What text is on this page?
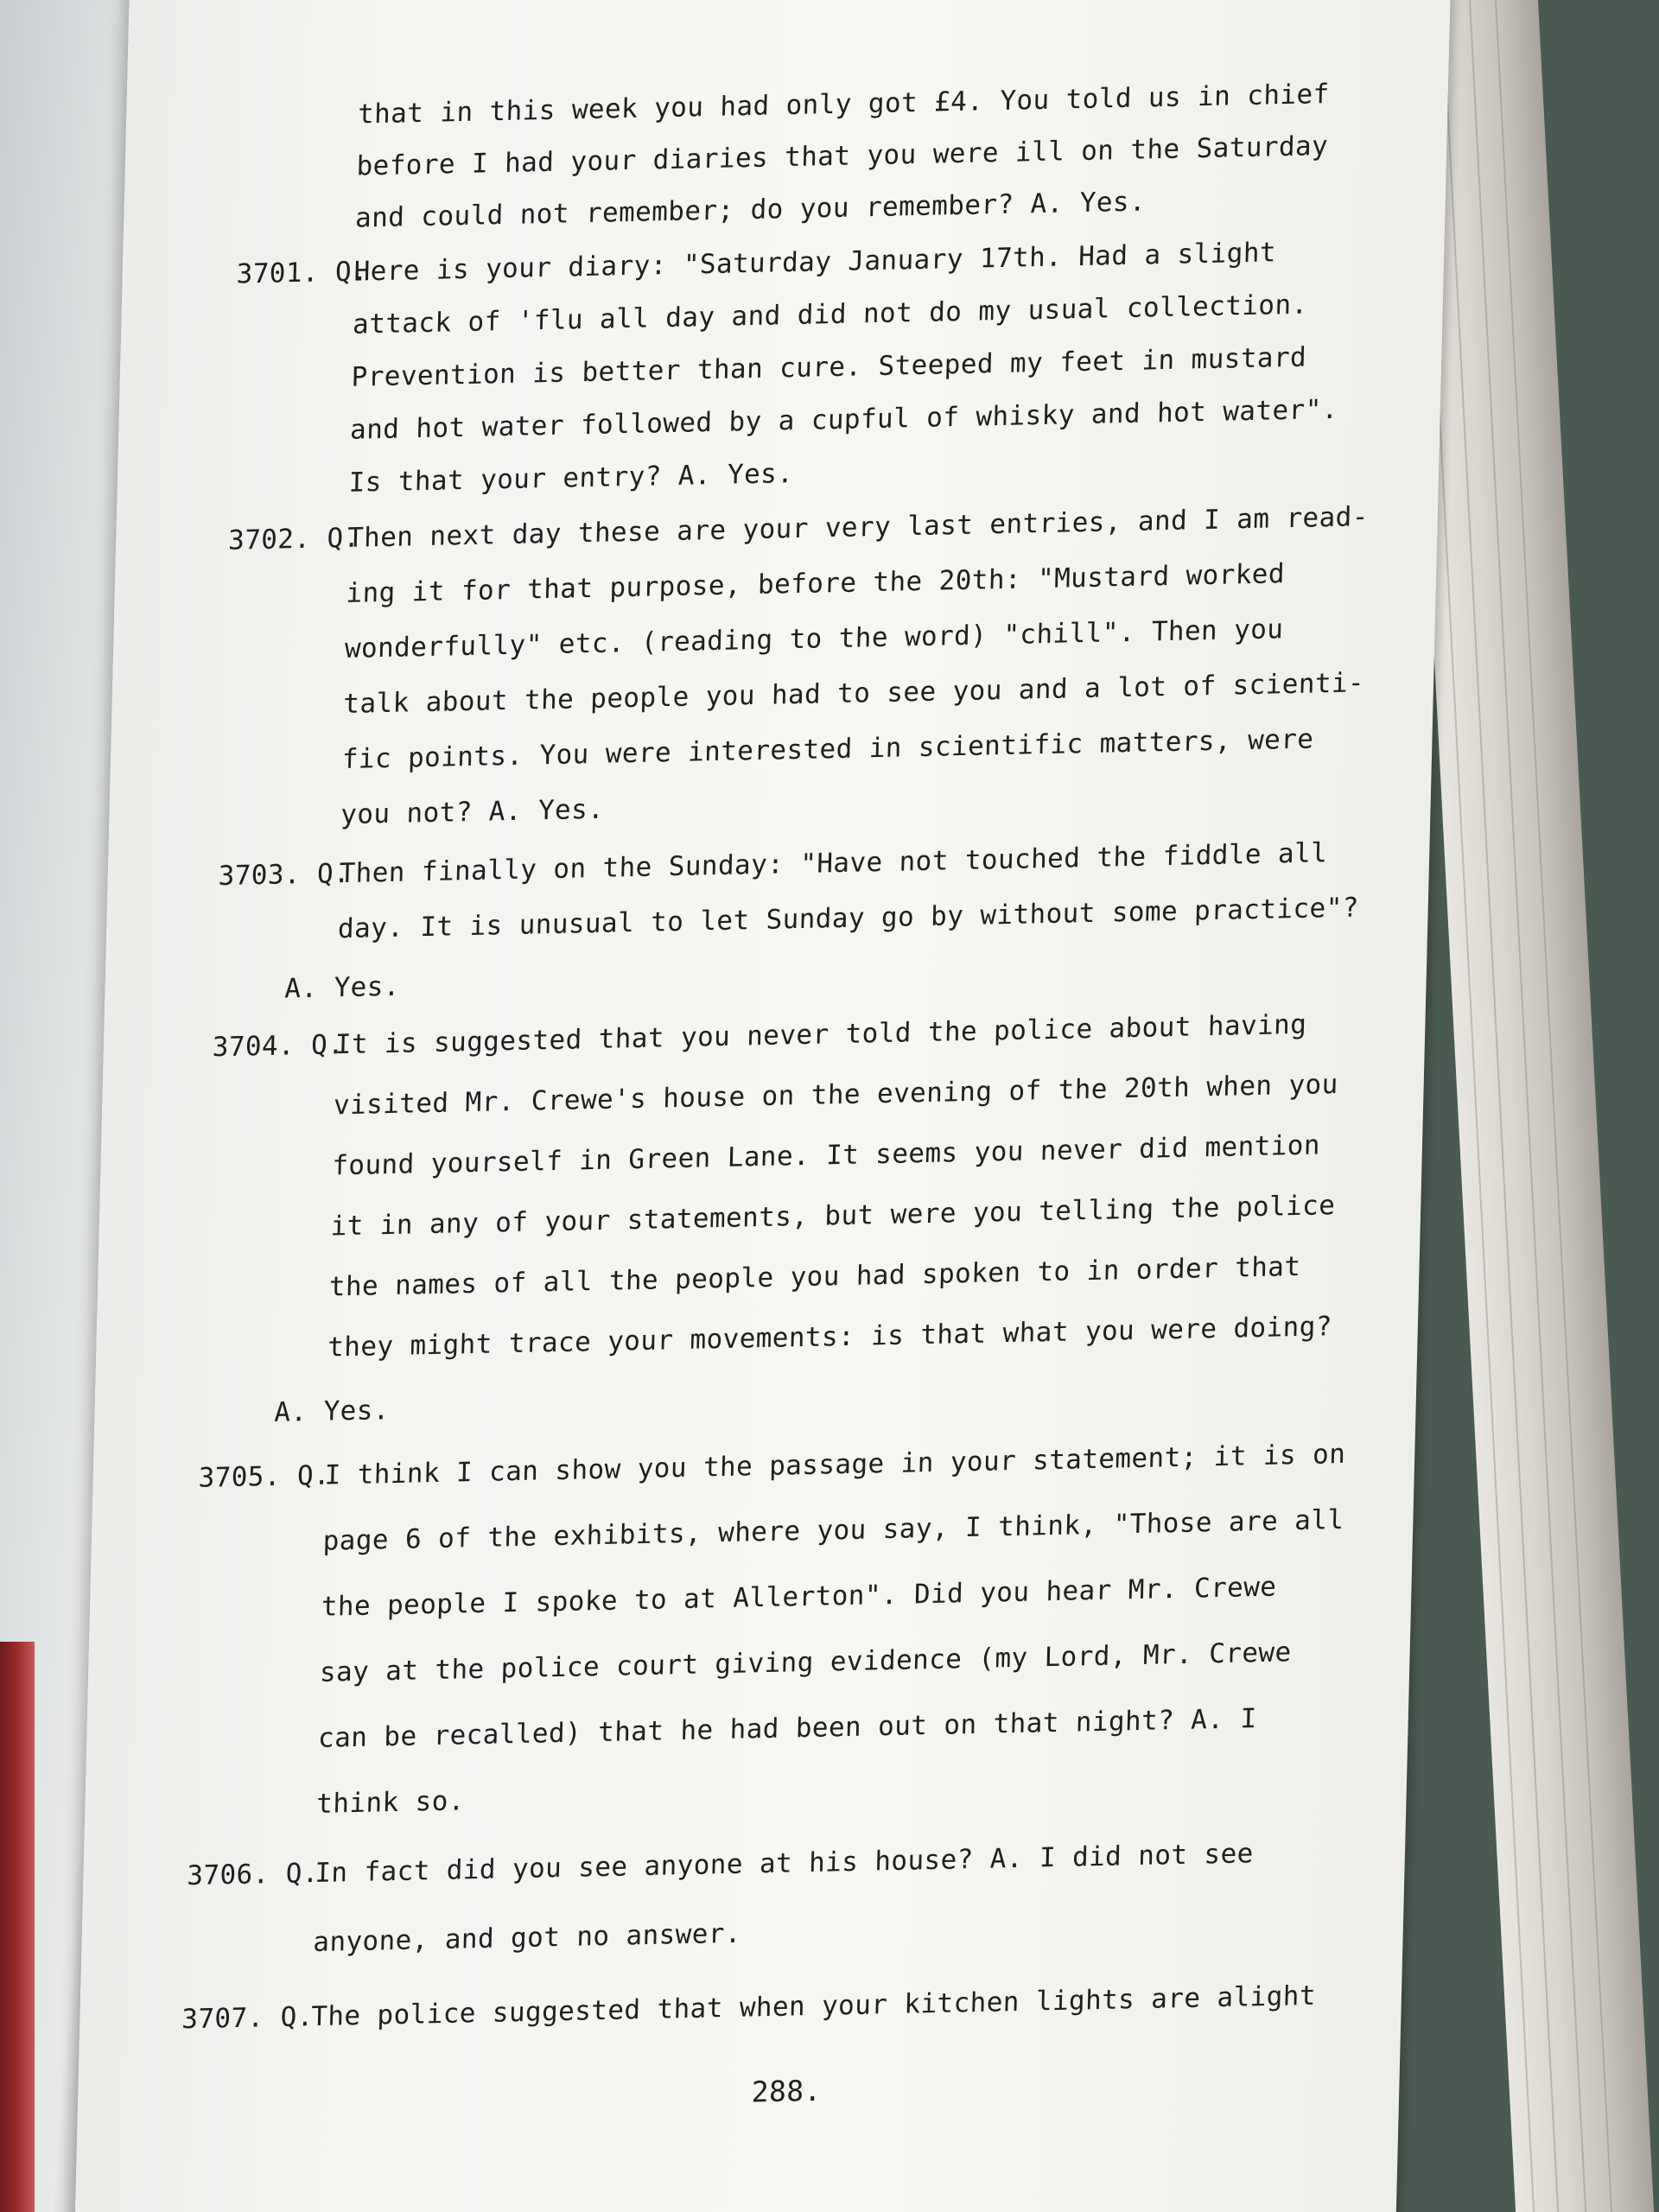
that in this week you had only got £4. You told us in chief
before I had your diaries that you were ill on the Saturday
and could not remember; do you remember? A. Yes.
3701. Q.
Here is your diary: "Saturday January 17th. Had a slight
attack of 'flu all day and did not do my usual collection.
Prevention is better than cure. Steeped my feet in mustard
and hot water followed by a cupful of whisky and hot water".
Is that your entry? A. Yes.
3702. Q.
Then next day these are your very last entries, and I am read-
ing it for that purpose, before the 20th: "Mustard worked
wonderfully" etc. (reading to the word) "chill". Then you
talk about the people you had to see you and a lot of scienti-
fic points. You were interested in scientific matters, were
you not? A. Yes.
3703. Q.
Then finally on the Sunday: "Have not touched the fiddle all
day. It is unusual to let Sunday go by without some practice"?
A. Yes.
3704. Q.
It is suggested that you never told the police about having
visited Mr. Crewe's house on the evening of the 20th when you
found yourself in Green Lane. It seems you never did mention
it in any of your statements, but were you telling the police
the names of all the people you had spoken to in order that
they might trace your movements: is that what you were doing?
A. Yes.
3705. Q.
I think I can show you the passage in your statement; it is on
page 6 of the exhibits, where you say, I think, "Those are all
the people I spoke to at Allerton". Did you hear Mr. Crewe
say at the police court giving evidence (my Lord, Mr. Crewe
can be recalled) that he had been out on that night? A. I
think so.
3706. Q.
In fact did you see anyone at his house? A. I did not see
anyone, and got no answer.
3707. Q.
The police suggested that when your kitchen lights are alight
288.
